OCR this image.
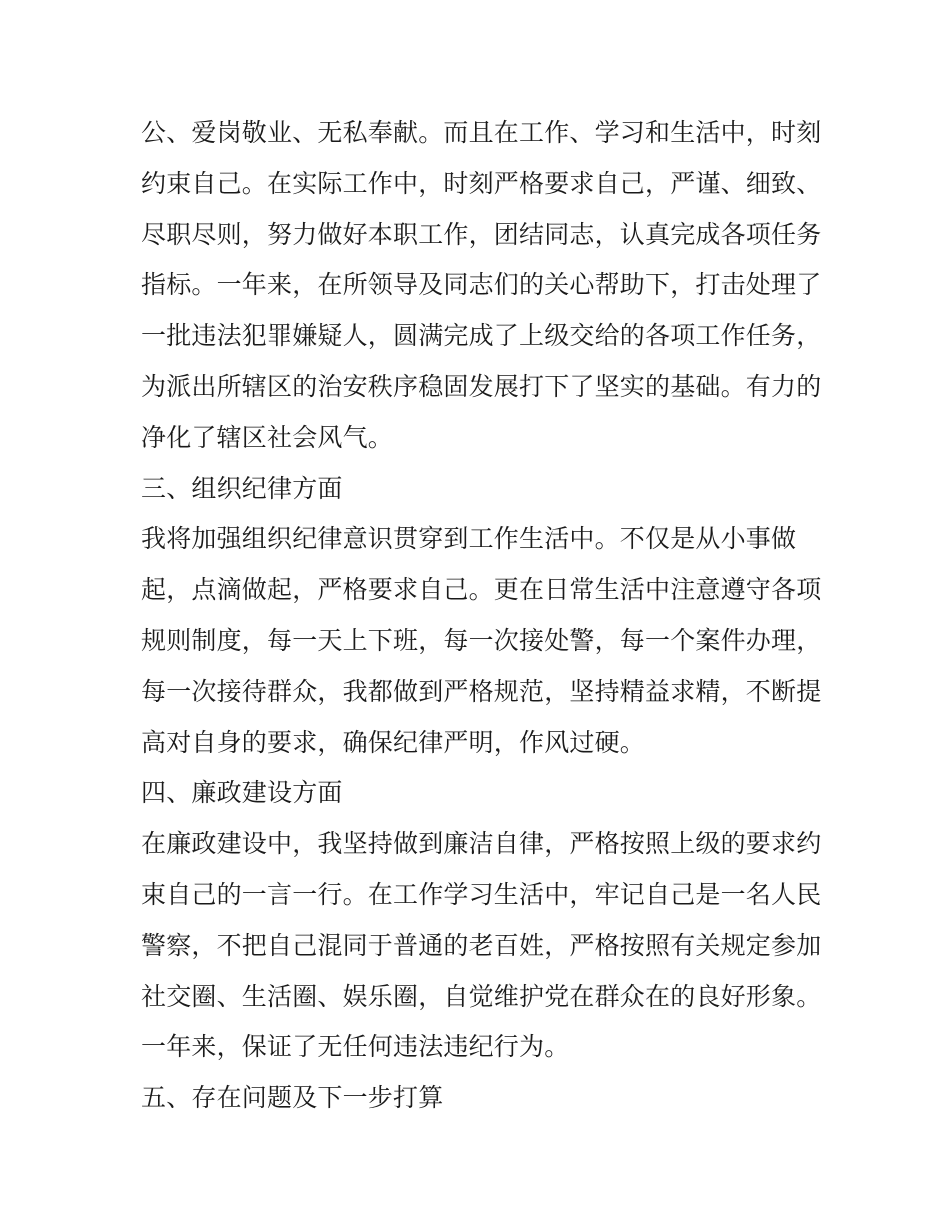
公、爱岗敬业、无私奉献。而且在工作、学习和生活中，时刻
约束自己。在实际工作中，时刻严格要求自己，严谨、细致、
尽职尽则，努力做好本职工作，团结同志，认真完成各项任务
指标。一年来，在所领导及同志们的关心帮助下，打击处理了
一批违法犯罪嫌疑人，圆满完成了上级交给的各项工作任务，
为派出所辖区的治安秩序稳固发展打下了坚实的基础。有力的
净化了辖区社会风气。
三、组织纪律方面
我将加强组织纪律意识贯穿到工作生活中。不仅是从小事做
起，点滴做起，严格要求自己。更在日常生活中注意遵守各项
规则制度，每一天上下班，每一次接处警，每一个案件办理，
每一次接待群众，我都做到严格规范，坚持精益求精，不断提
高对自身的要求，确保纪律严明，作风过硬。
四、廉政建设方面
在廉政建设中，我坚持做到廉洁自律，严格按照上级的要求约
束自己的一言一行。在工作学习生活中，牢记自己是一名人民
警察，不把自己混同于普通的老百姓，严格按照有关规定参加
社交圈、生活圈、娱乐圈，自觉维护党在群众在的良好形象。
一年来，保证了无任何违法违纪行为。
五、存在问题及下一步打算
